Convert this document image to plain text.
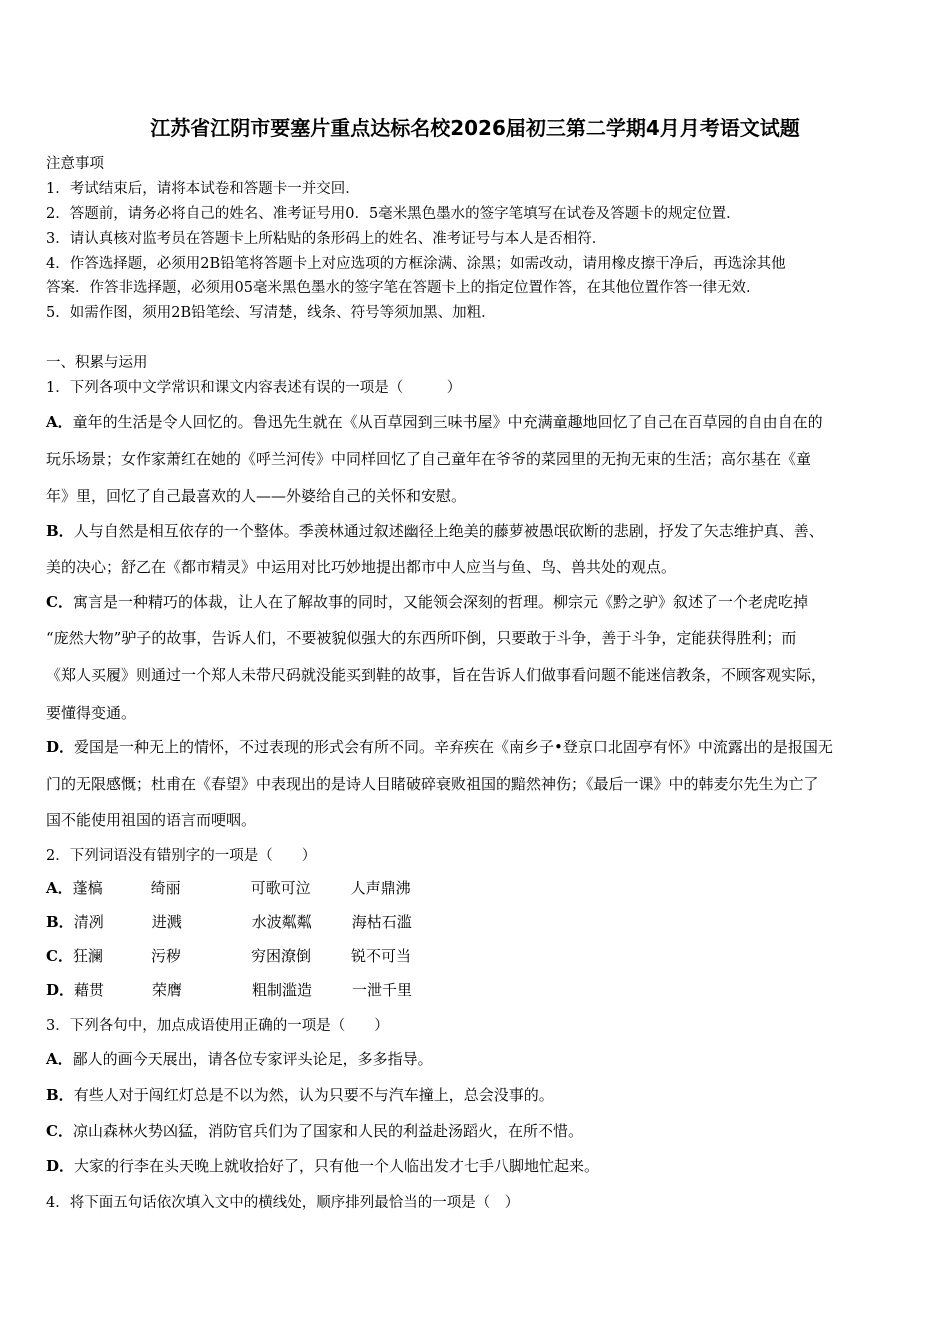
江苏省江阴市要塞片重点达标名校2026届初三第二学期4月月考语文试题
注意事项
1．考试结束后，请将本试卷和答题卡一并交回．
2．答题前，请务必将自己的姓名、准考证号用0．5毫米黑色墨水的签字笔填写在试卷及答题卡的规定位置．
3．请认真核对监考员在答题卡上所粘贴的条形码上的姓名、准考证号与本人是否相符．
4．作答选择题，必须用2B铅笔将答题卡上对应选项的方框涂满、涂黑；如需改动，请用橡皮擦干净后，再选涂其他
答案．作答非选择题，必须用05毫米黑色墨水的签字笔在答题卡上的指定位置作答，在其他位置作答一律无效．
5．如需作图，须用2B铅笔绘、写清楚，线条、符号等须加黑、加粗．
一、积累与运用
1．下列各项中文学常识和课文内容表述有误的一项是（　　　）
A．童年的生活是令人回忆的。鲁迅先生就在《从百草园到三味书屋》中充满童趣地回忆了自己在百草园的自由自在的
玩乐场景；女作家萧红在她的《呼兰河传》中同样回忆了自己童年在爷爷的菜园里的无拘无束的生活；高尔基在《童
年》里，回忆了自己最喜欢的人——外婆给自己的关怀和安慰。
B．人与自然是相互依存的一个整体。季羡林通过叙述幽径上绝美的藤萝被愚氓砍断的悲剧，抒发了矢志维护真、善、
美的决心；舒乙在《都市精灵》中运用对比巧妙地提出都市中人应当与鱼、鸟、兽共处的观点。
C．寓言是一种精巧的体裁，让人在了解故事的同时，又能领会深刻的哲理。柳宗元《黔之驴》叙述了一个老虎吃掉
“庞然大物”驴子的故事，告诉人们，不要被貌似强大的东西所吓倒，只要敢于斗争，善于斗争，定能获得胜利；而
《郑人买履》则通过一个郑人未带尺码就没能买到鞋的故事，旨在告诉人们做事看问题不能迷信教条，不顾客观实际，
要懂得变通。
D．爱国是一种无上的情怀，不过表现的形式会有所不同。辛弃疾在《南乡子•登京口北固亭有怀》中流露出的是报国无
门的无限感慨；杜甫在《春望》中表现出的是诗人目睹破碎衰败祖国的黯然神伤；《最后一课》中的韩麦尔先生为亡了
国不能使用祖国的语言而哽咽。
2．下列词语没有错别字的一项是（　　）
A．蓬槁	绮丽	可歌可泣	人声鼎沸
B．清冽	进溅	水波粼粼	海枯石滥
C．狂澜	污秽	穷困潦倒	锐不可当
D．藉贯	荣膺	粗制滥造	一泄千里
3．下列各句中，加点成语使用正确的一项是（　　）
A．鄙人的画今天展出，请各位专家评头论足，多多指导。
B．有些人对于闯红灯总是不以为然，认为只要不与汽车撞上，总会没事的。
C．凉山森林火势凶猛，消防官兵们为了国家和人民的利益赴汤蹈火，在所不惜。
D．大家的行李在头天晚上就收拾好了，只有他一个人临出发才七手八脚地忙起来。
4．将下面五句话依次填入文中的横线处，顺序排列最恰当的一项是（　）
